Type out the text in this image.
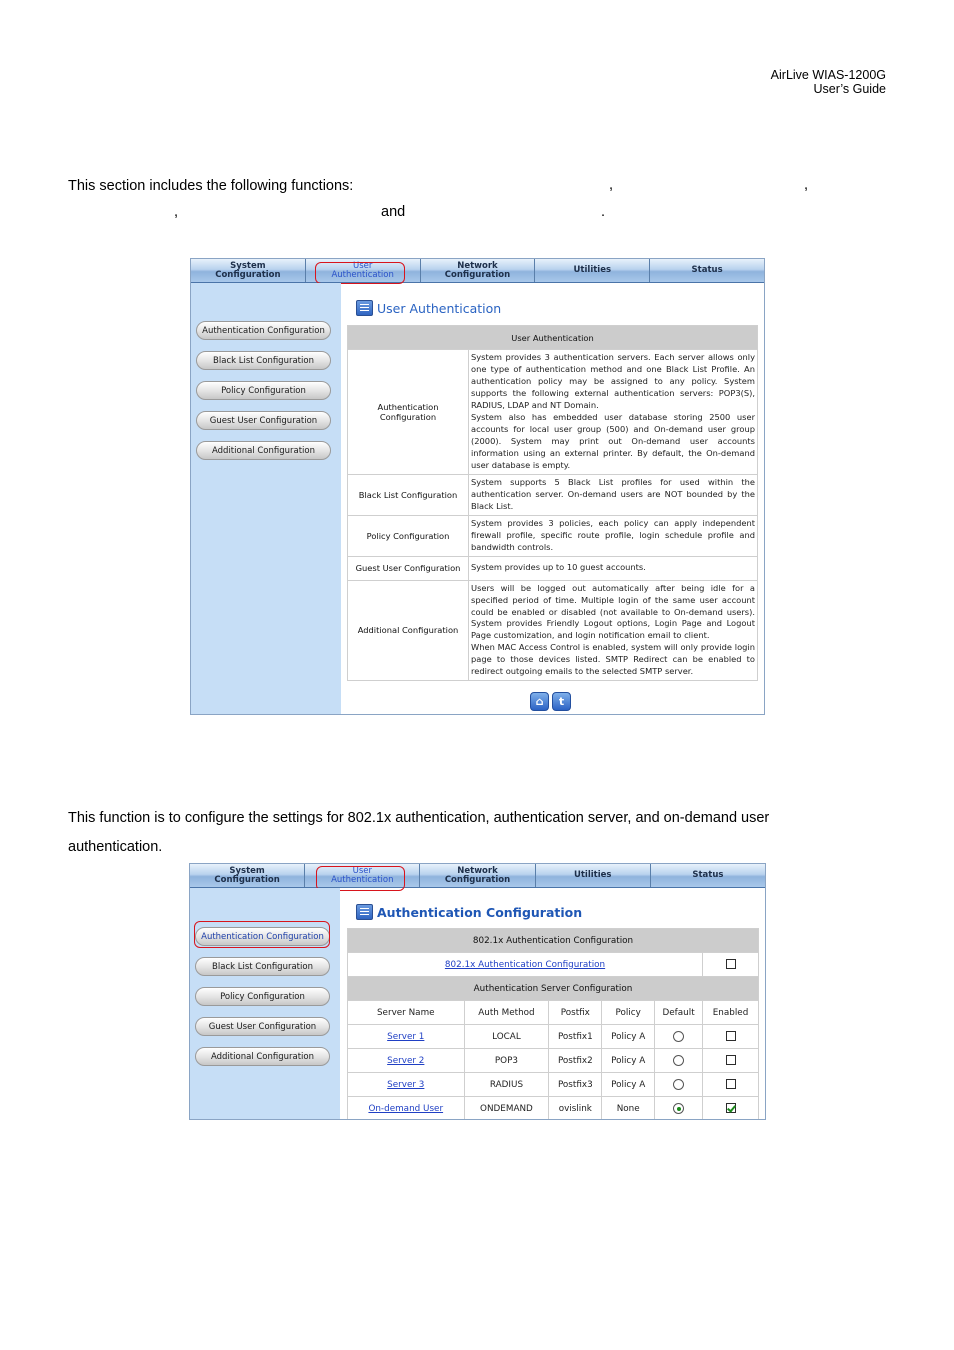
AirLive WIAS-1200G
User’s Guide
This section includes the following functions:	,	,
,	and	.
System
Configuration
User
Authentication
Network
Configuration	Utilities	Status
Authentication Configuration
Black List Configuration
Policy Configuration
Guest User Configuration
Additional Configuration
User Authentication
User Authentication	
Authentication
Configuration	System provides 3 authentication servers. Each server allows only one type of authentication method and one Black List Profile. An authentication policy may be assigned to any policy. System supports the following external authentication servers: POP3(S), RADIUS, LDAP and NT Domain.
System also has embedded user database storing 2500 user accounts for local user group (500) and On-demand user group (2000). System may print out On-demand user accounts information using an external printer. By default, the On-demand user database is empty.
Black List Configuration	System supports 5 Black List profiles for used within the authentication server. On-demand users are NOT bounded by the Black List.
Policy Configuration	System provides 3 policies, each policy can apply independent firewall profile, specific route profile, login schedule profile and bandwidth controls.
Guest User Configuration	System provides up to 10 guest accounts.
Additional Configuration	Users will be logged out automatically after being idle for a specified period of time. Multiple login of the same user account could be enabled or disabled (not available to On-demand users). System provides Friendly Logout options, Login Page and Logout Page customization, and login notification email to client.
When MAC Access Control is enabled, system will only provide login page to those devices listed. SMTP Redirect can be enabled to redirect outgoing emails to the selected SMTP server.
⌂	t
This function is to configure the settings for 802.1x authentication, authentication server, and on-demand user
authentication.
System
Configuration
User
Authentication
Network
Configuration	Utilities	Status
Authentication Configuration
Black List Configuration
Policy Configuration
Guest User Configuration
Additional Configuration
Authentication Configuration
802.1x Authentication Configuration					
802.1x Authentication Configuration					
Authentication Server Configuration					
Server Name	Auth Method	Postfix	Policy	Default	Enabled
Server 1	LOCAL	Postfix1	Policy A		
Server 2	POP3	Postfix2	Policy A		
Server 3	RADIUS	Postfix3	Policy A		
On-demand User	ONDEMAND	ovislink	None		
